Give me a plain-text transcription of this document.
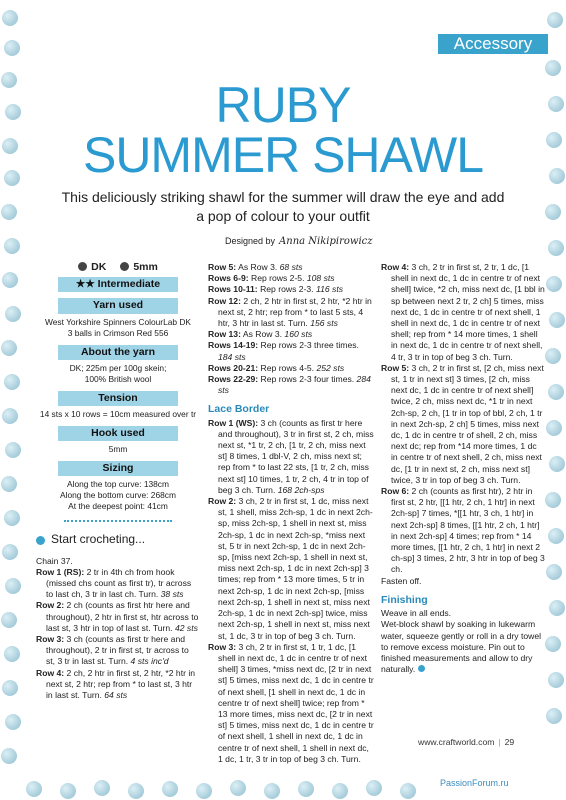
Accessory
RUBY
SUMMER SHAWL
This deliciously striking shawl for the summer will draw the eye and add a pop of colour to your outfit
Designed by Anna Nikipirowicz
DK	5mm
★★ Intermediate
Yarn used
West Yorkshire Spinners ColourLab DK
3 balls in Crimson Red 556
About the yarn
DK; 225m per 100g skein;
100% British wool
Tension
14 sts x 10 rows = 10cm measured over tr
Hook used
5mm
Sizing
Along the top curve: 138cm
Along the bottom curve: 268cm
At the deepest point: 41cm
Start crocheting...

Chain 37.

Row 1 (RS): 2 tr in 4th ch from hook (missed chs count as first tr), tr across to last ch, 3 tr in last ch. Turn. 38 sts

Row 2: 2 ch (counts as first htr here and throughout), 2 htr in first st, htr across to last st, 3 htr in top of last st. Turn. 42 sts

Row 3: 3 ch (counts as first tr here and throughout), 2 tr in first st, tr across to st, 3 tr in last st. Turn. 4 sts inc'd

Row 4: 2 ch, 2 htr in first st, 2 htr, *2 htr in next st, 2 htr; rep from * to last st, 3 htr in last st. Turn. 64 sts

Row 5: As Row 3. 68 sts

Rows 6-9: Rep rows 2-5. 108 sts

Rows 10-11: Rep rows 2-3. 116 sts

Row 12: 2 ch, 2 htr in first st, 2 htr, *2 htr in next st, 2 htr; rep from * to last 5 sts, 4 htr, 3 htr in last st. Turn. 156 sts

Row 13: As Row 3. 160 sts

Rows 14-19: Rep rows 2-3 three times. 184 sts

Rows 20-21: Rep rows 4-5. 252 sts

Rows 22-29: Rep rows 2-3 four times. 284 sts

Lace Border

Row 1 (WS): 3 ch (counts as first tr here and throughout), 3 tr in first st, 2 ch, miss next st, *1 tr, 2 ch, [1 tr, 2 ch, miss next st] 8 times, 1 dbl-V, 2 ch, miss next st; rep from * to last 22 sts, [1 tr, 2 ch, miss next st] 10 times, 1 tr, 2 ch, 4 tr in top of beg 3 ch. Turn. 168 2ch-sps

Row 2: 3 ch, 2 tr in first st, 1 dc, miss next st, 1 shell, miss 2ch-sp, 1 dc in next 2ch-sp, miss 2ch-sp, 1 shell in next st, miss 2ch-sp, 1 dc in next 2ch-sp, *miss next st, 5 tr in next 2ch-sp, 1 dc in next 2ch-sp, [miss next 2ch-sp, 1 shell in next st, miss next 2ch-sp, 1 dc in next 2ch-sp] 3 times; rep from * 13 more times, 5 tr in next 2ch-sp, 1 dc in next 2ch-sp, [miss next 2ch-sp, 1 shell in next st, miss next 2ch-sp, 1 dc in next 2ch-sp] twice, miss next 2ch-sp, 1 shell in next st, miss next st, 1 dc, 3 tr in top of beg 3 ch. Turn.

Row 3: 3 ch, 2 tr in first st, 1 tr, 1 dc, [1 shell in next dc, 1 dc in centre tr of next shell] 3 times, *miss next dc, [2 tr in next st] 5 times, miss next dc, 1 dc in centre tr of next shell, [1 shell in next dc, 1 dc in centre tr of next shell] twice; rep from * 13 more times, miss next dc, [2 tr in next st] 5 times, miss next dc, 1 dc in centre tr of next shell, 1 shell in next dc, 1 dc in centre tr of next shell, 1 shell in next dc, 1 dc, 1 tr, 3 tr in top of beg 3 ch. Turn.

Row 4: 3 ch, 2 tr in first st, 2 tr, 1 dc, [1 shell in next dc, 1 dc in centre tr of next shell] twice, *2 ch, miss next dc, [1 bbl in sp between next 2 tr, 2 ch] 5 times, miss next dc, 1 dc in centre tr of next shell, 1 shell in next dc, 1 dc in centre tr of next shell; rep from * 14 more times, 1 shell in next dc, 1 dc in centre tr of next shell, 4 tr, 3 tr in top of beg 3 ch. Turn.

Row 5: 3 ch, 2 tr in first st, [2 ch, miss next st, 1 tr in next st] 3 times, [2 ch, miss next dc, 1 dc in centre tr of next shell] twice, 2 ch, miss next dc, *1 tr in next 2ch-sp, 2 ch, [1 tr in top of bbl, 2 ch, 1 tr in next 2ch-sp, 2 ch] 5 times, miss next dc, 1 dc in centre tr of shell, 2 ch, miss next dc; rep from *14 more times, 1 dc in centre tr of next shell, 2 ch, miss next dc, [1 tr in next st, 2 ch, miss next st] twice, 3 tr in top of beg 3 ch. Turn.

Row 6: 2 ch (counts as first htr), 2 htr in first st, 2 htr, [[1 htr, 2 ch, 1 htr] in next 2ch-sp] 7 times, *[[1 htr, 3 ch, 1 htr] in next 2ch-sp] 8 times, [[1 htr, 2 ch, 1 htr] in next 2ch-sp] 4 times; rep from * 14 more times, [[1 htr, 2 ch, 1 htr] in next 2 ch-sp] 3 times, 2 htr, 3 htr in top of beg 3 ch.

Fasten off.

Finishing

Weave in all ends.

Wet-block shawl by soaking in lukewarm water, squeeze gently or roll in a dry towel to remove excess moisture. Pin out to finished measurements and allow to dry naturally.

www.craftworld.com | 29
PassionForum.ru
